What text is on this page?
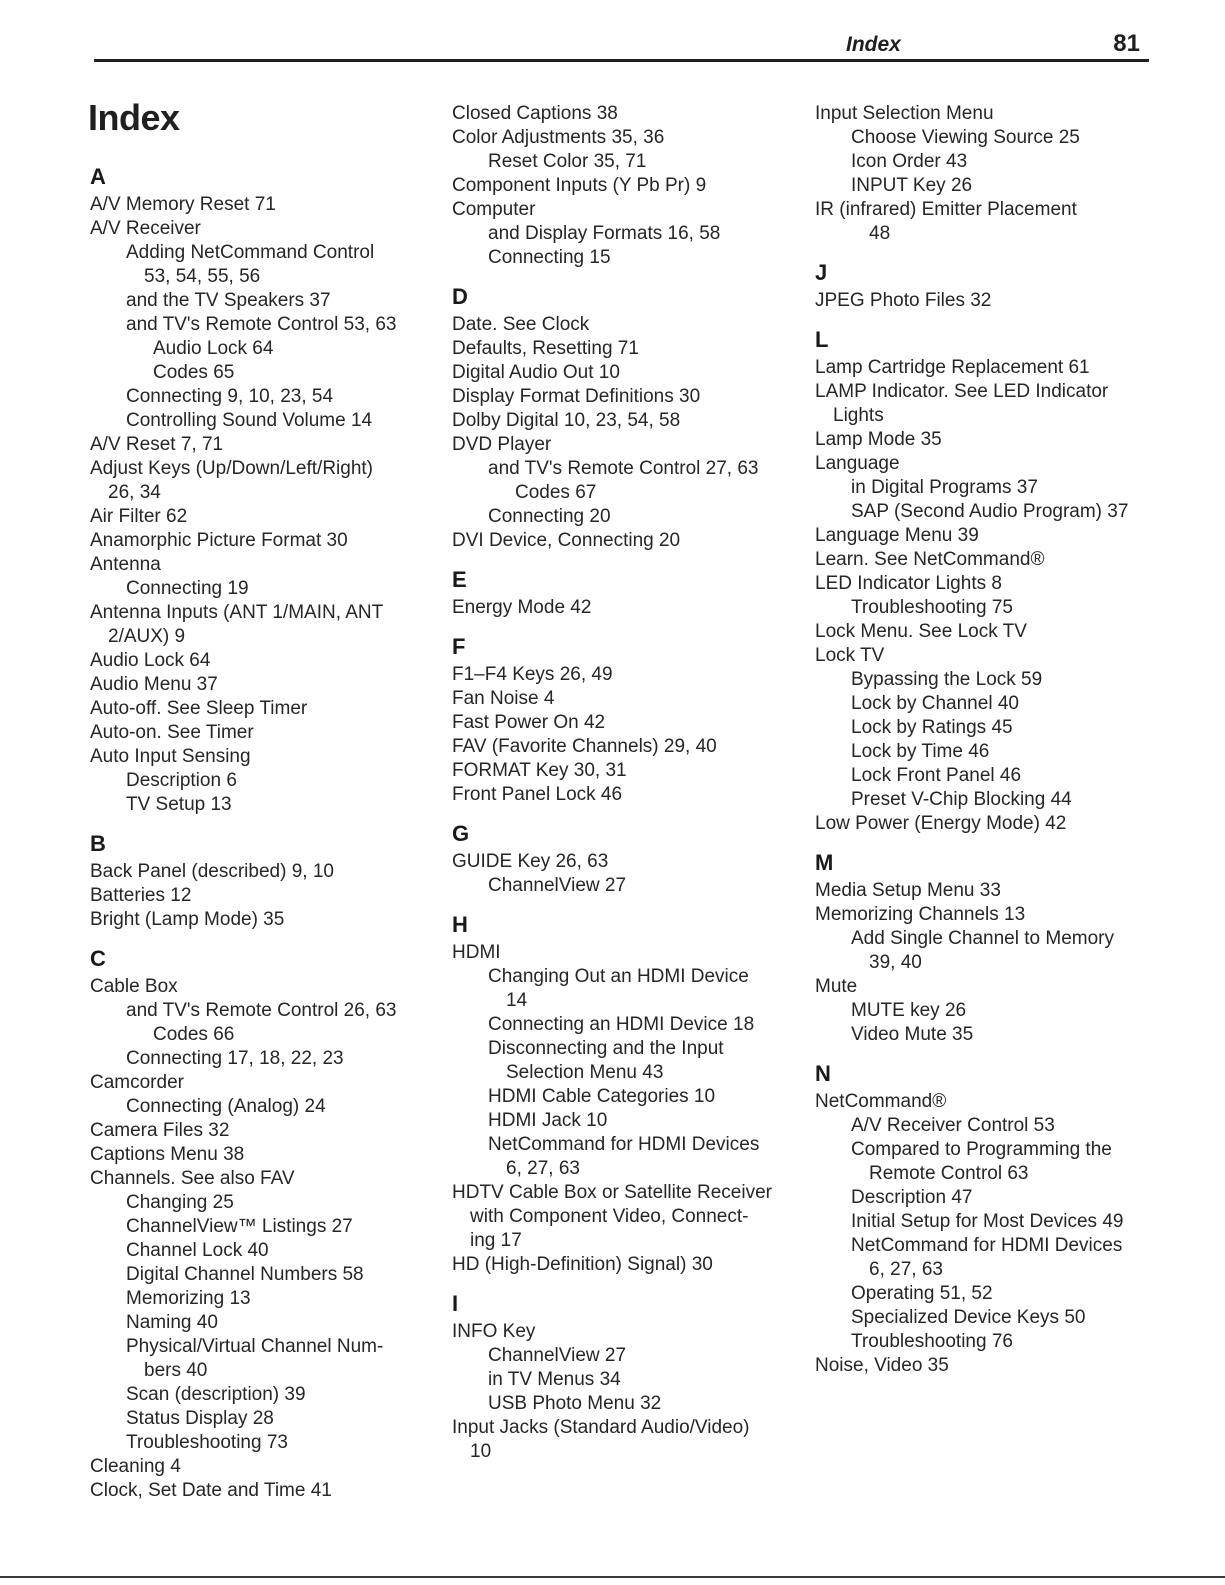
Index	81
Index
A
A/V Memory Reset 71
A/V Receiver
Adding NetCommand Control
53, 54, 55, 56
and the TV Speakers 37
and TV's Remote Control 53, 63
Audio Lock 64
Codes 65
Connecting 9, 10, 23, 54
Controlling Sound Volume 14
A/V Reset 7, 71
Adjust Keys (Up/Down/Left/Right)
26, 34
Air Filter 62
Anamorphic Picture Format 30
Antenna
Connecting 19
Antenna Inputs (ANT 1/MAIN, ANT
2/AUX) 9
Audio Lock 64
Audio Menu 37
Auto-off. See Sleep Timer
Auto-on. See Timer
Auto Input Sensing
Description 6
TV Setup 13
B
Back Panel (described) 9, 10
Batteries 12
Bright (Lamp Mode) 35
C
Cable Box
and TV's Remote Control 26, 63
Codes 66
Connecting 17, 18, 22, 23
Camcorder
Connecting (Analog) 24
Camera Files 32
Captions Menu 38
Channels. See also FAV
Changing 25
ChannelView™ Listings 27
Channel Lock 40
Digital Channel Numbers 58
Memorizing 13
Naming 40
Physical/Virtual Channel Num-
bers 40
Scan (description) 39
Status Display 28
Troubleshooting 73
Cleaning 4
Clock, Set Date and Time 41
Closed Captions 38
Color Adjustments 35, 36
Reset Color 35, 71
Component Inputs (Y Pb Pr) 9
Computer
and Display Formats 16, 58
Connecting 15
D
Date. See Clock
Defaults, Resetting 71
Digital Audio Out 10
Display Format Definitions 30
Dolby Digital 10, 23, 54, 58
DVD Player
and TV's Remote Control 27, 63
Codes 67
Connecting 20
DVI Device, Connecting 20
E
Energy Mode 42
F
F1–F4 Keys 26, 49
Fan Noise 4
Fast Power On 42
FAV (Favorite Channels) 29, 40
FORMAT Key 30, 31
Front Panel Lock 46
G
GUIDE Key 26, 63
ChannelView 27
H
HDMI
Changing Out an HDMI Device
14
Connecting an HDMI Device 18
Disconnecting and the Input
Selection Menu 43
HDMI Cable Categories 10
HDMI Jack 10
NetCommand for HDMI Devices
6, 27, 63
HDTV Cable Box or Satellite Receiver
with Component Video, Connect-
ing 17
HD (High-Definition) Signal) 30
I
INFO Key
ChannelView 27
in TV Menus 34
USB Photo Menu 32
Input Jacks (Standard Audio/Video)
10
Input Selection Menu
Choose Viewing Source 25
Icon Order 43
INPUT Key 26
IR (infrared) Emitter Placement
48
J
JPEG Photo Files 32
L
Lamp Cartridge Replacement 61
LAMP Indicator. See LED Indicator
Lights
Lamp Mode 35
Language
in Digital Programs 37
SAP (Second Audio Program) 37
Language Menu 39
Learn. See NetCommand®
LED Indicator Lights 8
Troubleshooting 75
Lock Menu. See Lock TV
Lock TV
Bypassing the Lock 59
Lock by Channel 40
Lock by Ratings 45
Lock by Time 46
Lock Front Panel 46
Preset V-Chip Blocking 44
Low Power (Energy Mode) 42
M
Media Setup Menu 33
Memorizing Channels 13
Add Single Channel to Memory
39, 40
Mute
MUTE key 26
Video Mute 35
N
NetCommand®
A/V Receiver Control 53
Compared to Programming the
Remote Control 63
Description 47
Initial Setup for Most Devices 49
NetCommand for HDMI Devices
6, 27, 63
Operating 51, 52
Specialized Device Keys 50
Troubleshooting 76
Noise, Video 35
